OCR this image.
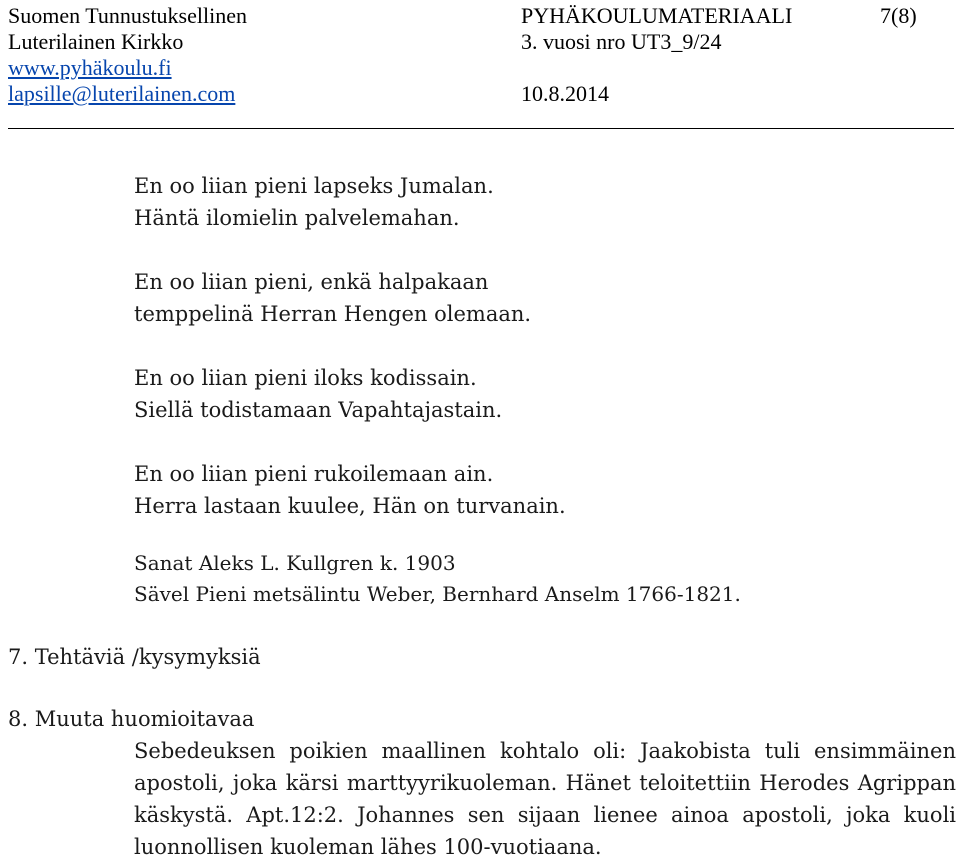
Suomen Tunnustuksellinen
Luterilainen Kirkko
www.pyhäkoulu.fi
lapsille@luterilainen.com
PYHÄKOULUMATERIAALI
3. vuosi nro UT3_9/24
10.8.2014
7(8)
En oo liian pieni lapseks Jumalan.
Häntä ilomielin palvelemahan.
En oo liian pieni, enkä halpakaan
temppelinä Herran Hengen olemaan.
En oo liian pieni iloks kodissain.
Siellä todistamaan Vapahtajastain.
En oo liian pieni rukoilemaan ain.
Herra lastaan kuulee, Hän on turvanain.
Sanat Aleks L. Kullgren k. 1903
Sävel Pieni metsälintu Weber, Bernhard Anselm 1766-1821.
7. Tehtäviä /kysymyksiä
8. Muuta huomioitavaa
Sebedeuksen poikien maallinen kohtalo oli: Jaakobista tuli ensimmäinen
apostoli, joka kärsi marttyyrikuoleman. Hänet teloitettiin Herodes Agrippan
käskystä. Apt.12:2. Johannes sen sijaan lienee ainoa apostoli, joka kuoli
luonnollisen kuoleman lähes 100-vuotiaana.
